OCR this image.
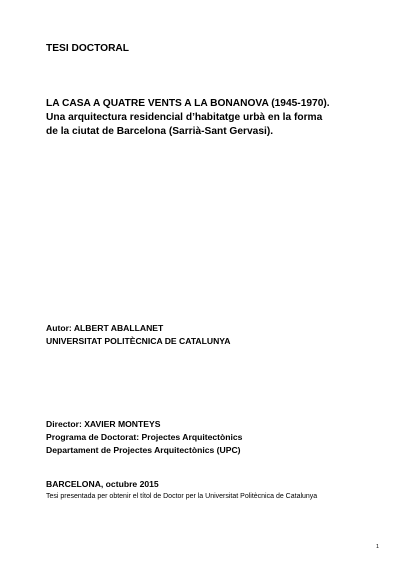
TESI DOCTORAL
LA CASA A QUATRE VENTS A LA BONANOVA (1945-1970).
Una arquitectura residencial d’habitatge urbà en la forma
de la ciutat de Barcelona (Sarrià-Sant Gervasi).
Autor: ALBERT ABALLANET
UNIVERSITAT POLITÈCNICA DE CATALUNYA
Director: XAVIER MONTEYS
Programa de Doctorat: Projectes Arquitectònics
Departament de Projectes Arquitectònics (UPC)
BARCELONA, octubre 2015
Tesi presentada per obtenir el títol de Doctor per la Universitat Politècnica de Catalunya
1
